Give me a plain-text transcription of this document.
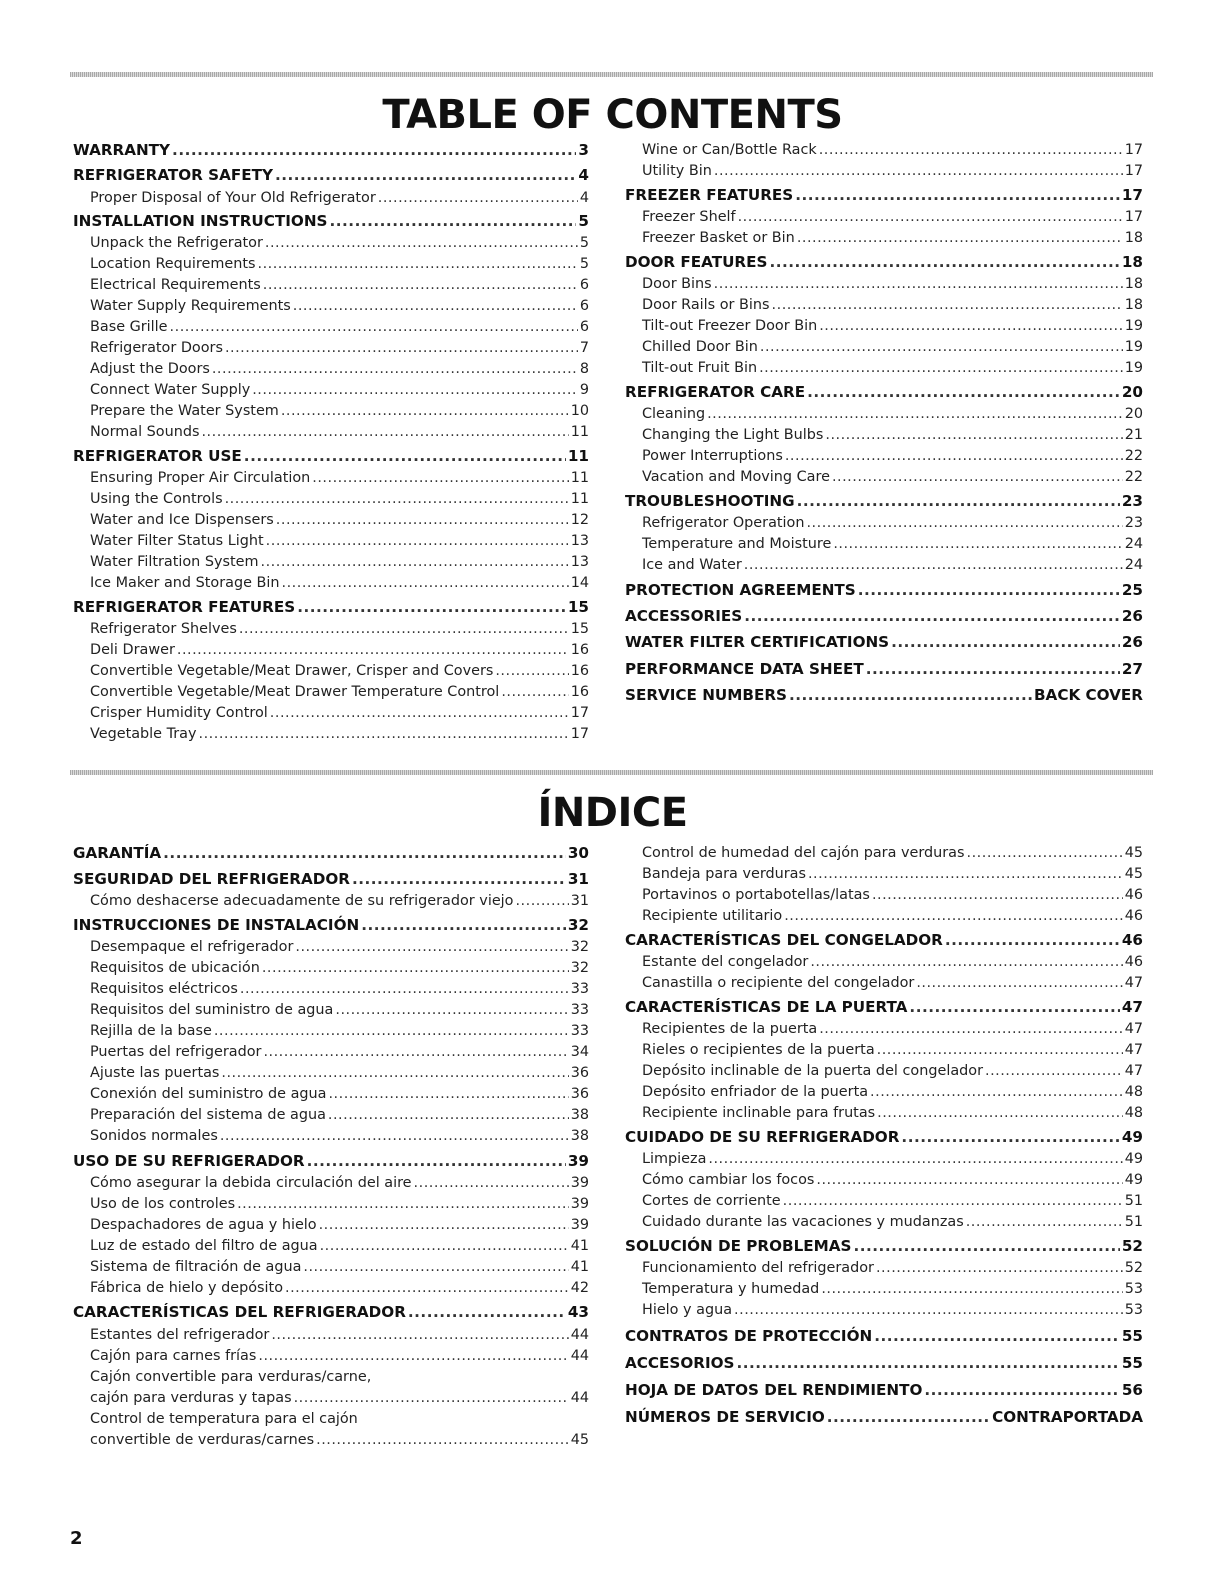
TABLE OF CONTENTS
WARRANTY .....	3
REFRIGERATOR SAFETY .....	4
Proper Disposal of Your Old Refrigerator .....	4
INSTALLATION INSTRUCTIONS .....	5
Unpack the Refrigerator .....	5
Location Requirements .....	5
Electrical Requirements .....	6
Water Supply Requirements .....	6
Base Grille .....	6
Refrigerator Doors .....	7
Adjust the Doors .....	8
Connect Water Supply .....	9
Prepare the Water System .....	10
Normal Sounds .....	11
REFRIGERATOR USE .....	11
Ensuring Proper Air Circulation .....	11
Using the Controls .....	11
Water and Ice Dispensers .....	12
Water Filter Status Light .....	13
Water Filtration System .....	13
Ice Maker and Storage Bin .....	14
REFRIGERATOR FEATURES .....	15
Refrigerator Shelves .....	15
Deli Drawer .....	16
Convertible Vegetable/Meat Drawer, Crisper and Covers .....	16
Convertible Vegetable/Meat Drawer Temperature Control .....	16
Crisper Humidity Control .....	17
Vegetable Tray .....	17
Wine or Can/Bottle Rack .....	17
Utility Bin .....	17
FREEZER FEATURES .....	17
Freezer Shelf .....	17
Freezer Basket or Bin .....	18
DOOR FEATURES .....	18
Door Bins .....	18
Door Rails or Bins .....	18
Tilt-out Freezer Door Bin .....	19
Chilled Door Bin .....	19
Tilt-out Fruit Bin .....	19
REFRIGERATOR CARE .....	20
Cleaning .....	20
Changing the Light Bulbs .....	21
Power Interruptions .....	22
Vacation and Moving Care .....	22
TROUBLESHOOTING .....	23
Refrigerator Operation .....	23
Temperature and Moisture .....	24
Ice and Water .....	24
PROTECTION AGREEMENTS .....	25
ACCESSORIES .....	26
WATER FILTER CERTIFICATIONS .....	26
PERFORMANCE DATA SHEET .....	27
SERVICE NUMBERS .....	BACK COVER
ÍNDICE
GARANTÍA .....	30
SEGURIDAD DEL REFRIGERADOR .....	31
Cómo deshacerse adecuadamente de su refrigerador viejo .....	31
INSTRUCCIONES DE INSTALACIÓN .....	32
Desempaque el refrigerador .....	32
Requisitos de ubicación .....	32
Requisitos eléctricos .....	33
Requisitos del suministro de agua .....	33
Rejilla de la base .....	33
Puertas del refrigerador .....	34
Ajuste las puertas .....	36
Conexión del suministro de agua .....	36
Preparación del sistema de agua .....	38
Sonidos normales .....	38
USO DE SU REFRIGERADOR .....	39
Cómo asegurar la debida circulación del aire .....	39
Uso de los controles .....	39
Despachadores de agua y hielo .....	39
Luz de estado del filtro de agua .....	41
Sistema de filtración de agua .....	41
Fábrica de hielo y depósito .....	42
CARACTERÍSTICAS DEL REFRIGERADOR .....	43
Estantes del refrigerador .....	44
Cajón para carnes frías .....	44
Cajón convertible para verduras/carne,
cajón para verduras y tapas .....	44
Control de temperatura para el cajón
convertible de verduras/carnes .....	45
Control de humedad del cajón para verduras .....	45
Bandeja para verduras .....	45
Portavinos o portabotellas/latas .....	46
Recipiente utilitario .....	46
CARACTERÍSTICAS DEL CONGELADOR .....	46
Estante del congelador .....	46
Canastilla o recipiente del congelador .....	47
CARACTERÍSTICAS DE LA PUERTA .....	47
Recipientes de la puerta .....	47
Rieles o recipientes de la puerta .....	47
Depósito inclinable de la puerta del congelador .....	47
Depósito enfriador de la puerta .....	48
Recipiente inclinable para frutas .....	48
CUIDADO DE SU REFRIGERADOR .....	49
Limpieza .....	49
Cómo cambiar los focos .....	49
Cortes de corriente .....	51
Cuidado durante las vacaciones y mudanzas .....	51
SOLUCIÓN DE PROBLEMAS .....	52
Funcionamiento del refrigerador .....	52
Temperatura y humedad .....	53
Hielo y agua .....	53
CONTRATOS DE PROTECCIÓN .....	55
ACCESORIOS .....	55
HOJA DE DATOS DEL RENDIMIENTO .....	56
NÚMEROS DE SERVICIO .....	CONTRAPORTADA
2
